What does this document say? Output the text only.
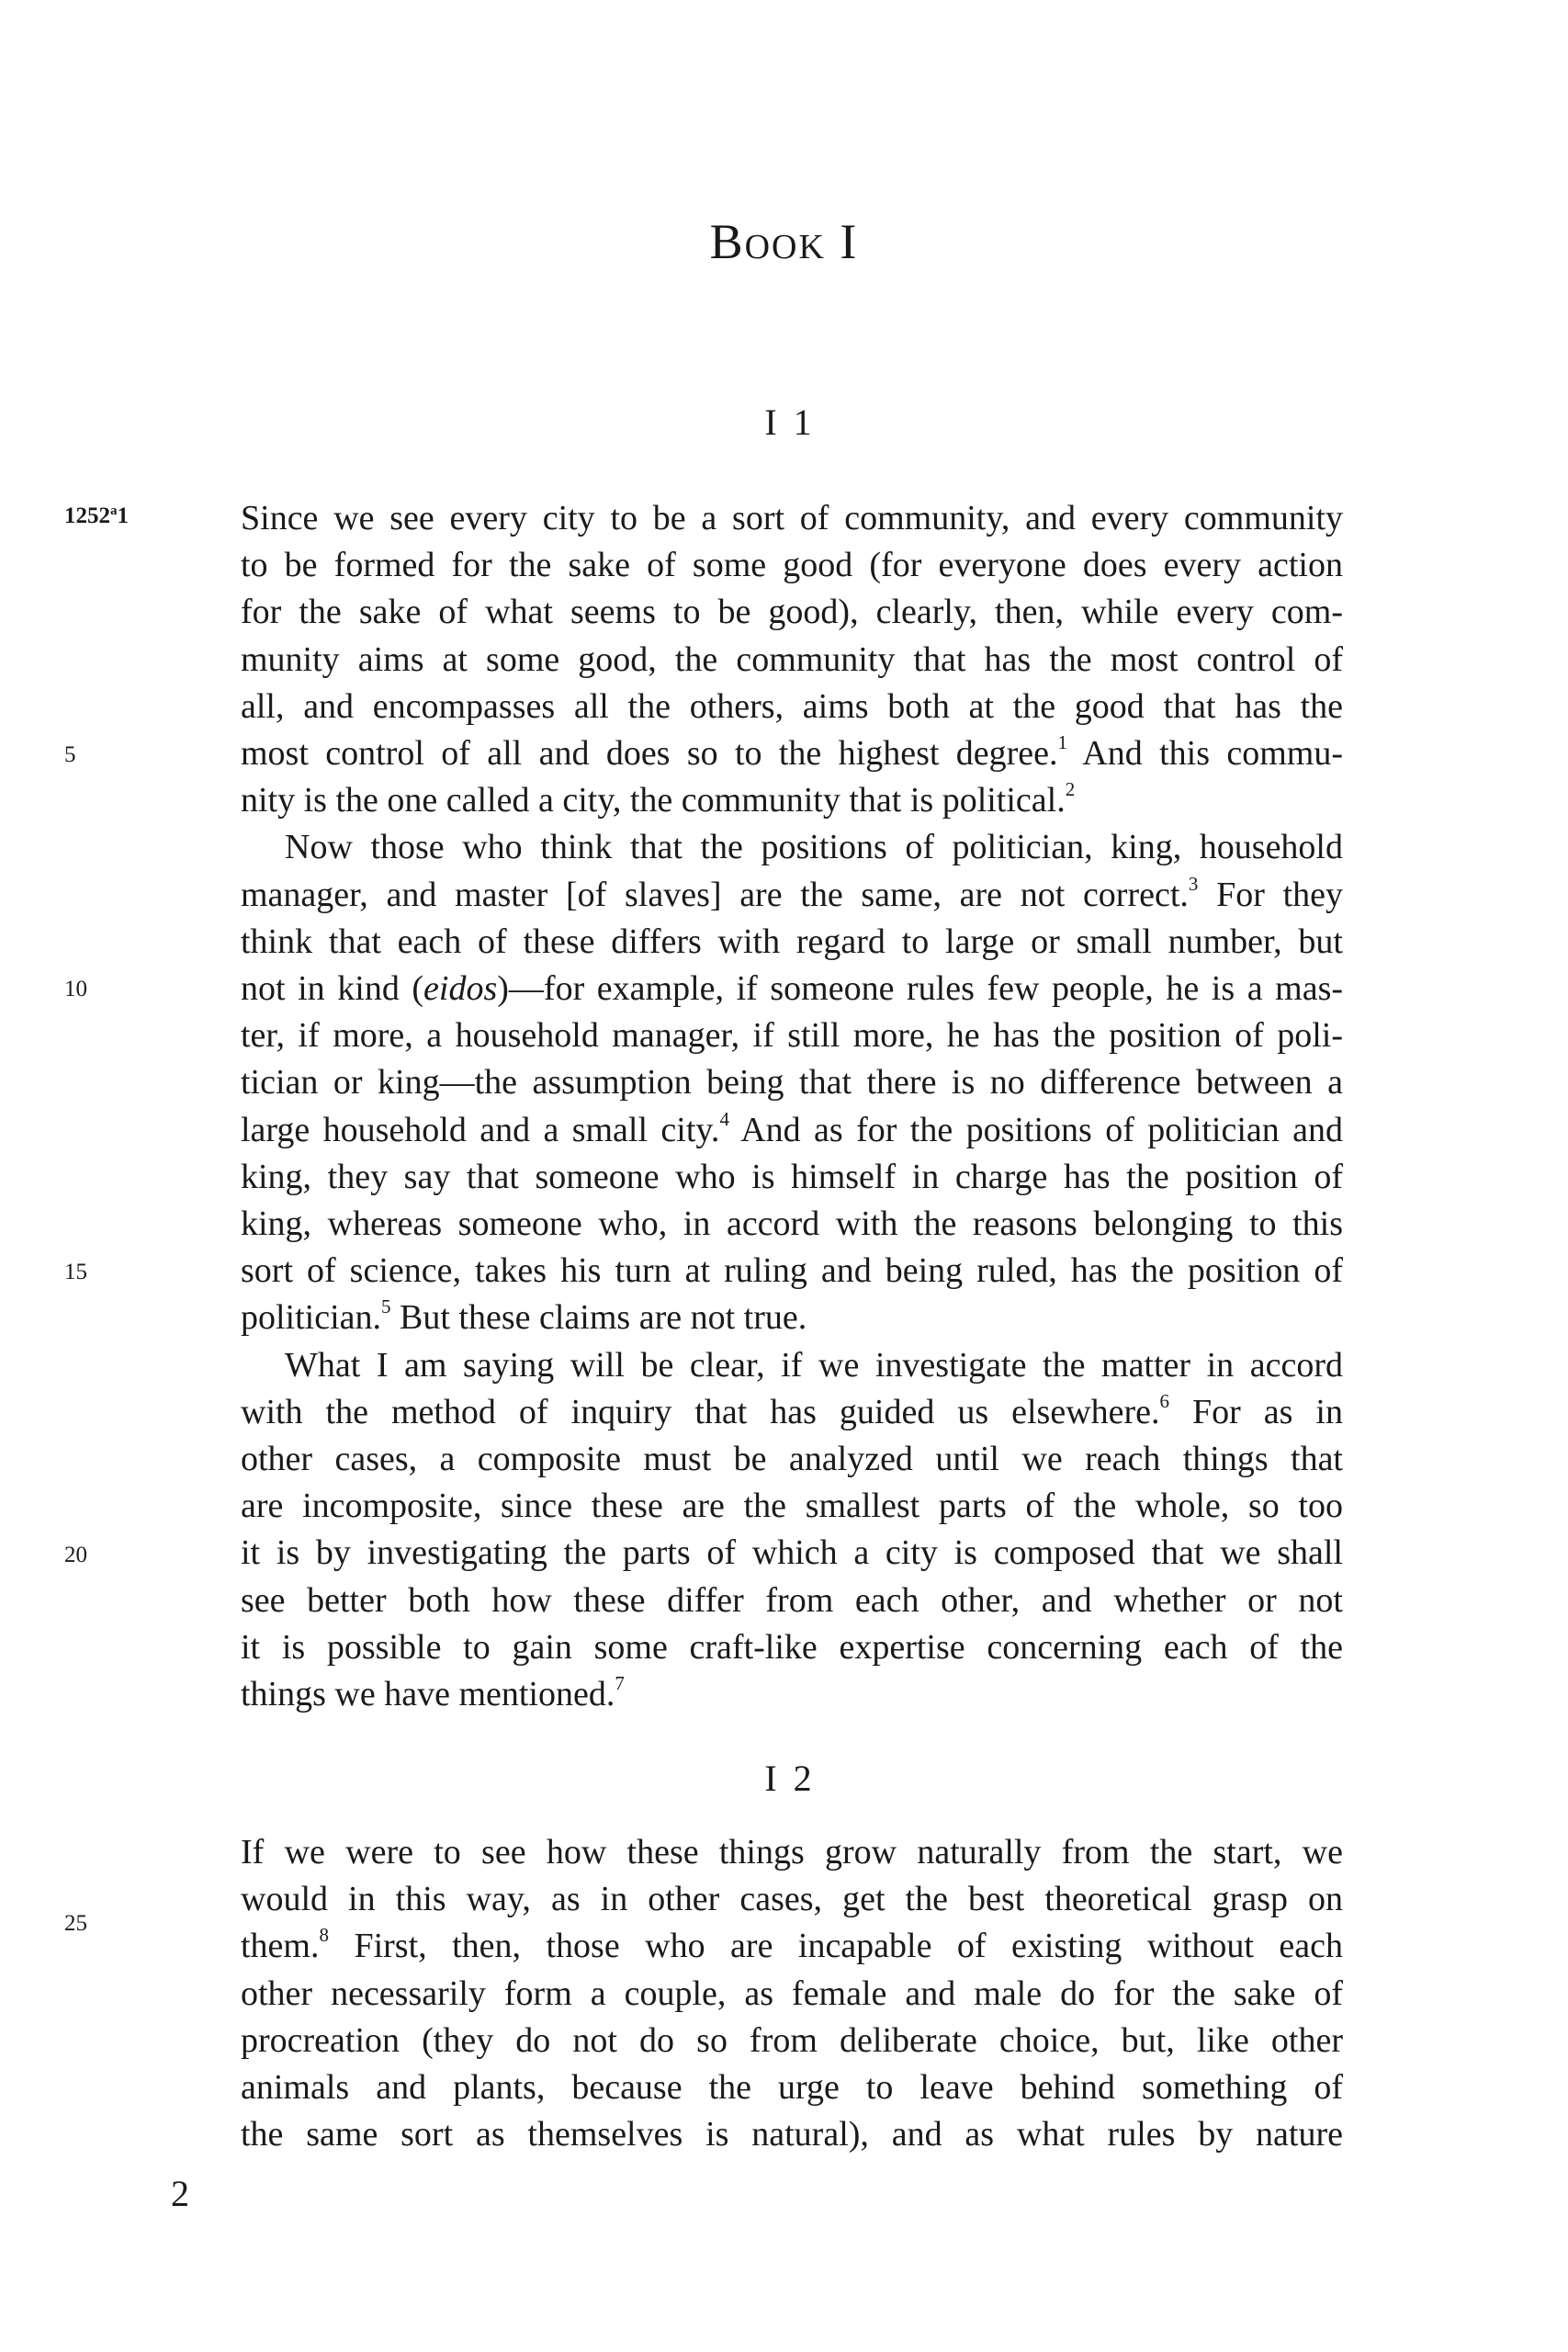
Book I
I 1
I 2
1252$^a$1
5
10
15
20
25
Since we see every city to be a sort of community, and every community
to be formed for the sake of some good (for everyone does every action
for the sake of what seems to be good), clearly, then, while every com-
munity aims at some good, the community that has the most control of
all, and encompasses all the others, aims both at the good that has the
most control of all and does so to the highest degree.$^1$ And this commu-
nity is the one called a city, the community that is political.$^2$
Now those who think that the positions of politician, king, household
manager, and master [of slaves] are the same, are not correct.$^3$ For they
think that each of these differs with regard to large or small number, but
not in kind (eidos)—for example, if someone rules few people, he is a mas-
ter, if more, a household manager, if still more, he has the position of poli-
tician or king—the assumption being that there is no difference between a
large household and a small city.$^4$ And as for the positions of politician and
king, they say that someone who is himself in charge has the position of
king, whereas someone who, in accord with the reasons belonging to this
sort of science, takes his turn at ruling and being ruled, has the position of
politician.$^5$ But these claims are not true.
What I am saying will be clear, if we investigate the matter in accord
with the method of inquiry that has guided us elsewhere.$^6$ For as in
other cases, a composite must be analyzed until we reach things that
are incomposite, since these are the smallest parts of the whole, so too
it is by investigating the parts of which a city is composed that we shall
see better both how these differ from each other, and whether or not
it is possible to gain some craft-like expertise concerning each of the
things we have mentioned.$^7$
If we were to see how these things grow naturally from the start, we
would in this way, as in other cases, get the best theoretical grasp on
them.$^8$ First, then, those who are incapable of existing without each
other necessarily form a couple, as female and male do for the sake of
procreation (they do not do so from deliberate choice, but, like other
animals and plants, because the urge to leave behind something of
the same sort as themselves is natural), and as what rules by nature
2
